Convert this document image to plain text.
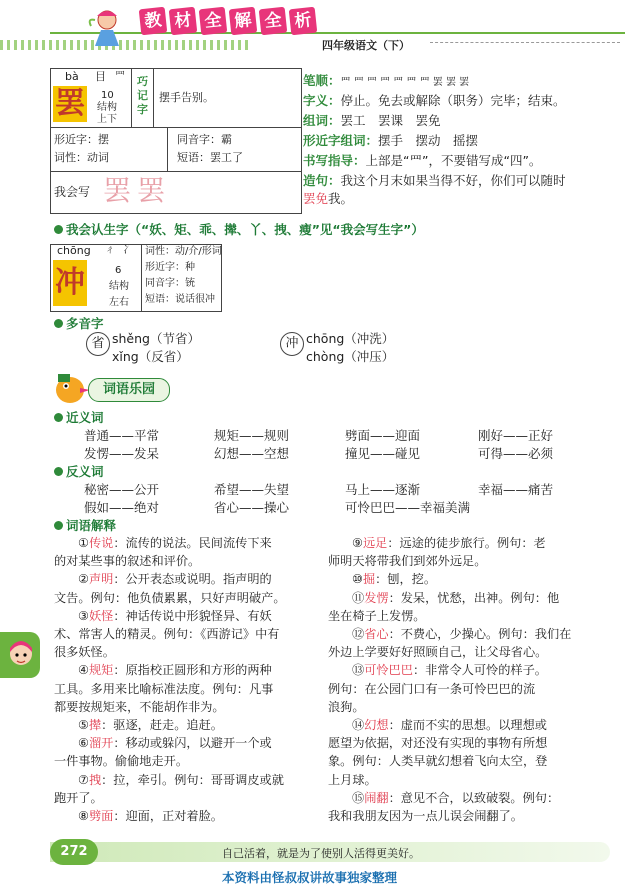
教 材 全 解 全 析
四年级语文（下）
bà 目 罒
罢 10
结构
上下
巧记字
摆手告别。
形近字：摆	同音字：霸
词性：动词	短语：罢工了
我会写 罢 罢
笔顺：罒 罒 罒 罒 罒 罒 罒 罢 罢 罢
字义：停止。免去或解除（职务）完毕；结束。
组词：罢工　罢课　罢免
形近字组词：摆手　摆动　摇摆
书写指导：上部是“罒”，不要错写成“四”。
造句：我这个月末如果当得不好，你们可以随时
罢免我。
我会认生字（“妖、矩、乖、撵、丫、拽、瘦”见“我会写生字”）
chōng ㄔ 冫
冲	6
结构
左右
词性：动/介/形词
形近字：种
同音字：铳
短语：说话很冲
多音字
省 shěng（节省）
xǐng（反省）
冲 chōng（冲洗）
chòng（冲压）
词语乐园
近义词
普通——平常	规矩——规则	劈面——迎面	刚好——正好
发愣——发呆	幻想——空想	撞见——碰见	可得——必须
反义词
秘密——公开	希望——失望	马上——逐渐	幸福——痛苦
假如——绝对	省心——操心	可怜巴巴——幸福美满
词语解释
①传说：流传的说法。民间流传下来
的对某些事的叙述和评价。
②声明：公开表态或说明。指声明的
文告。例句：他负债累累，只好声明破产。
③妖怪：神话传说中形貌怪异、有妖
术、常害人的精灵。例句：《西游记》中有
很多妖怪。
④规矩：原指校正圆形和方形的两种
工具。多用来比喻标准法度。例句：凡事
都要按规矩来，不能胡作非为。
⑤撵：驱逐，赶走。追赶。
⑥溜开：移动或躲闪，以避开一个或
一件事物。偷偷地走开。
⑦拽：拉，牵引。例句：哥哥调皮或就
跑开了。
⑧劈面：迎面，正对着脸。
⑨远足：远途的徒步旅行。例句：老
师明天将带我们到郊外远足。
⑩掘：刨，挖。
⑪发愣：发呆，忧愁，出神。例句：他
坐在椅子上发愣。
⑫省心：不费心，少操心。例句：我们在
外边上学要好好照顾自己，让父母省心。
⑬可怜巴巴：非常令人可怜的样子。
例句：在公园门口有一条可怜巴巴的流
浪狗。
⑭幻想：虚而不实的思想。以理想或
愿望为依据，对还没有实现的事物有所想
象。例句：人类早就幻想着飞向太空，登
上月球。
⑮闹翻：意见不合，以致破裂。例句：
我和我朋友因为一点儿误会闹翻了。
272	自己活着，就是为了使别人活得更美好。
本资料由怪叔叔讲故事独家整理
